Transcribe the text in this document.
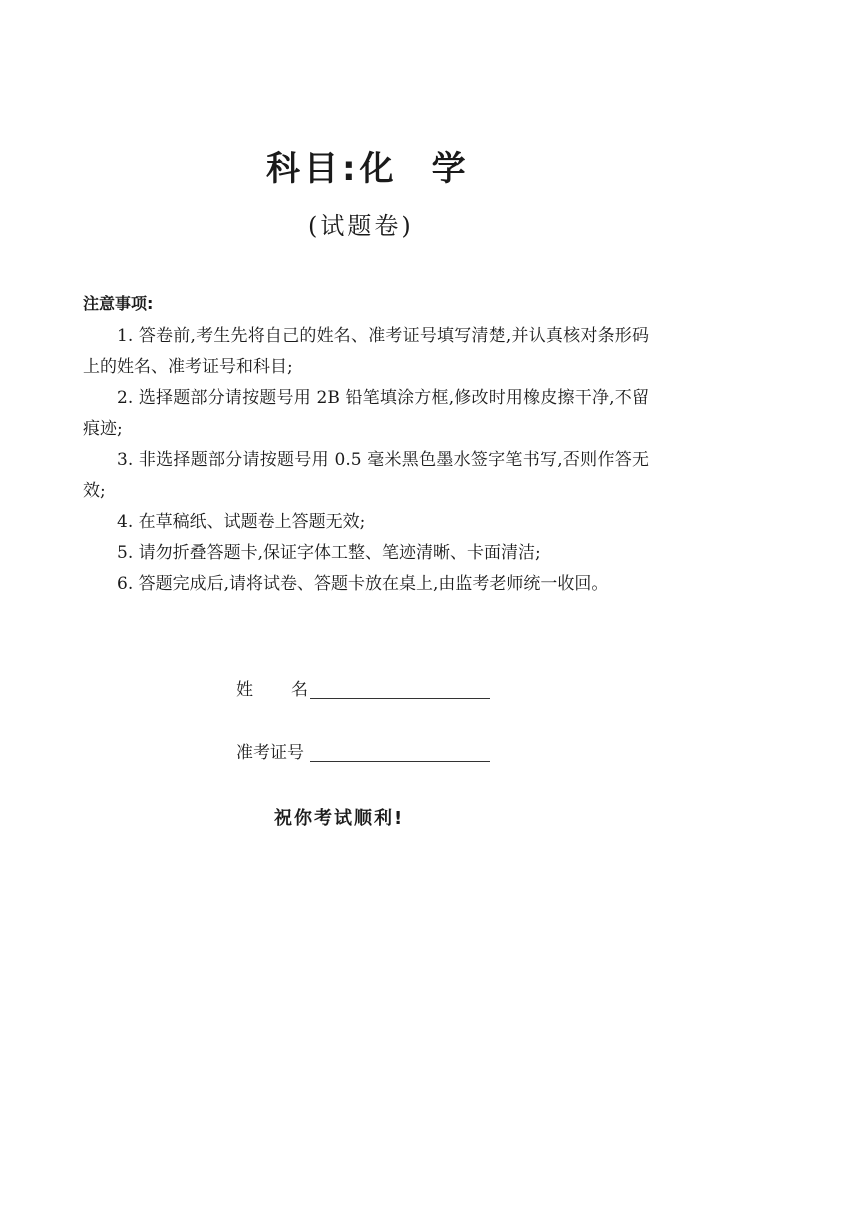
科目:化 学
(试题卷)
注意事项:
1. 答卷前,考生先将自己的姓名、准考证号填写清楚,并认真核对条形码上的姓名、准考证号和科目;
2. 选择题部分请按题号用 2B 铅笔填涂方框,修改时用橡皮擦干净,不留痕迹;
3. 非选择题部分请按题号用 0.5 毫米黑色墨水签字笔书写,否则作答无效;
4. 在草稿纸、试题卷上答题无效;
5. 请勿折叠答题卡,保证字体工整、笔迹清晰、卡面清洁;
6. 答题完成后,请将试卷、答题卡放在桌上,由监考老师统一收回。
姓 名
准考证号
祝你考试顺利!
